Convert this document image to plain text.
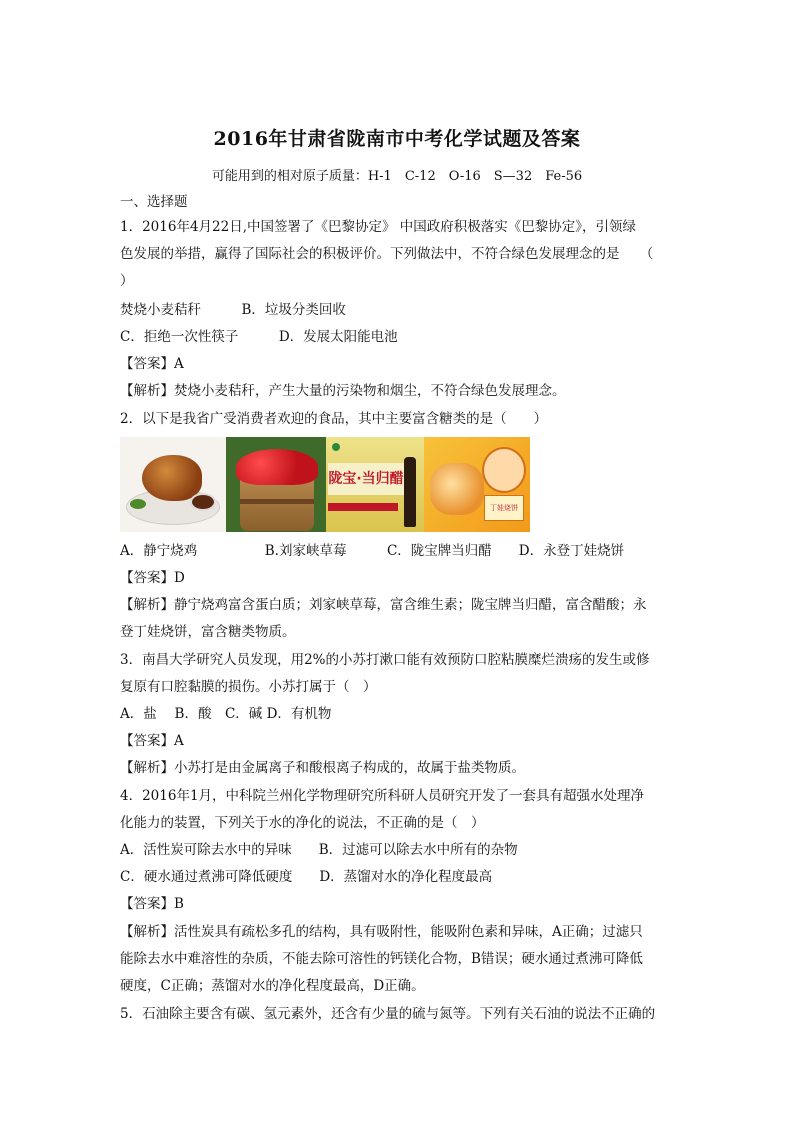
2016年甘肃省陇南市中考化学试题及答案
可能用到的相对原子质量：H-1　C-12　O-16　S—32　Fe-56
一、选择题
1．2016年4月22日,中国签署了《巴黎协定》 中国政府积极落实《巴黎协定》，引领绿
色发展的举措，赢得了国际社会的积极评价。下列做法中，不符合绿色发展理念的是　　（
）
焚烧小麦秸秆　　　B．垃圾分类回收
C．拒绝一次性筷子　　　D．发展太阳能电池
【答案】A
【解析】焚烧小麦秸秆，产生大量的污染物和烟尘，不符合绿色发展理念。
2．以下是我省广受消费者欢迎的食品，其中主要富含糖类的是（　　）
陇宝·当归醋
丁娃烧饼
A．静宁烧鸡　　　　　B.刘家峡草莓　　　C．陇宝牌当归醋　　D．永登丁娃烧饼
【答案】D
【解析】静宁烧鸡富含蛋白质；刘家峡草莓，富含维生素；陇宝牌当归醋，富含醋酸；永
登丁娃烧饼，富含糖类物质。
3．南昌大学研究人员发现，用2%的小苏打漱口能有效预防口腔粘膜糜烂溃疡的发生或修
复原有口腔黏膜的损伤。小苏打属于（　）
A．盐　 B．酸　C．碱 D．有机物
【答案】A
【解析】小苏打是由金属离子和酸根离子构成的，故属于盐类物质。
4．2016年1月，中科院兰州化学物理研究所科研人员研究开发了一套具有超强水处理净
化能力的装置，下列关于水的净化的说法，不正确的是（　）
A．活性炭可除去水中的异味　　B．过滤可以除去水中所有的杂物
C．硬水通过煮沸可降低硬度　　D．蒸馏对水的净化程度最高
【答案】B
【解析】活性炭具有疏松多孔的结构，具有吸附性，能吸附色素和异味，A正确；过滤只
能除去水中难溶性的杂质，不能去除可溶性的钙镁化合物，B错误；硬水通过煮沸可降低
硬度，C正确；蒸馏对水的净化程度最高，D正确。
5．石油除主要含有碳、氢元素外，还含有少量的硫与氮等。下列有关石油的说法不正确的
